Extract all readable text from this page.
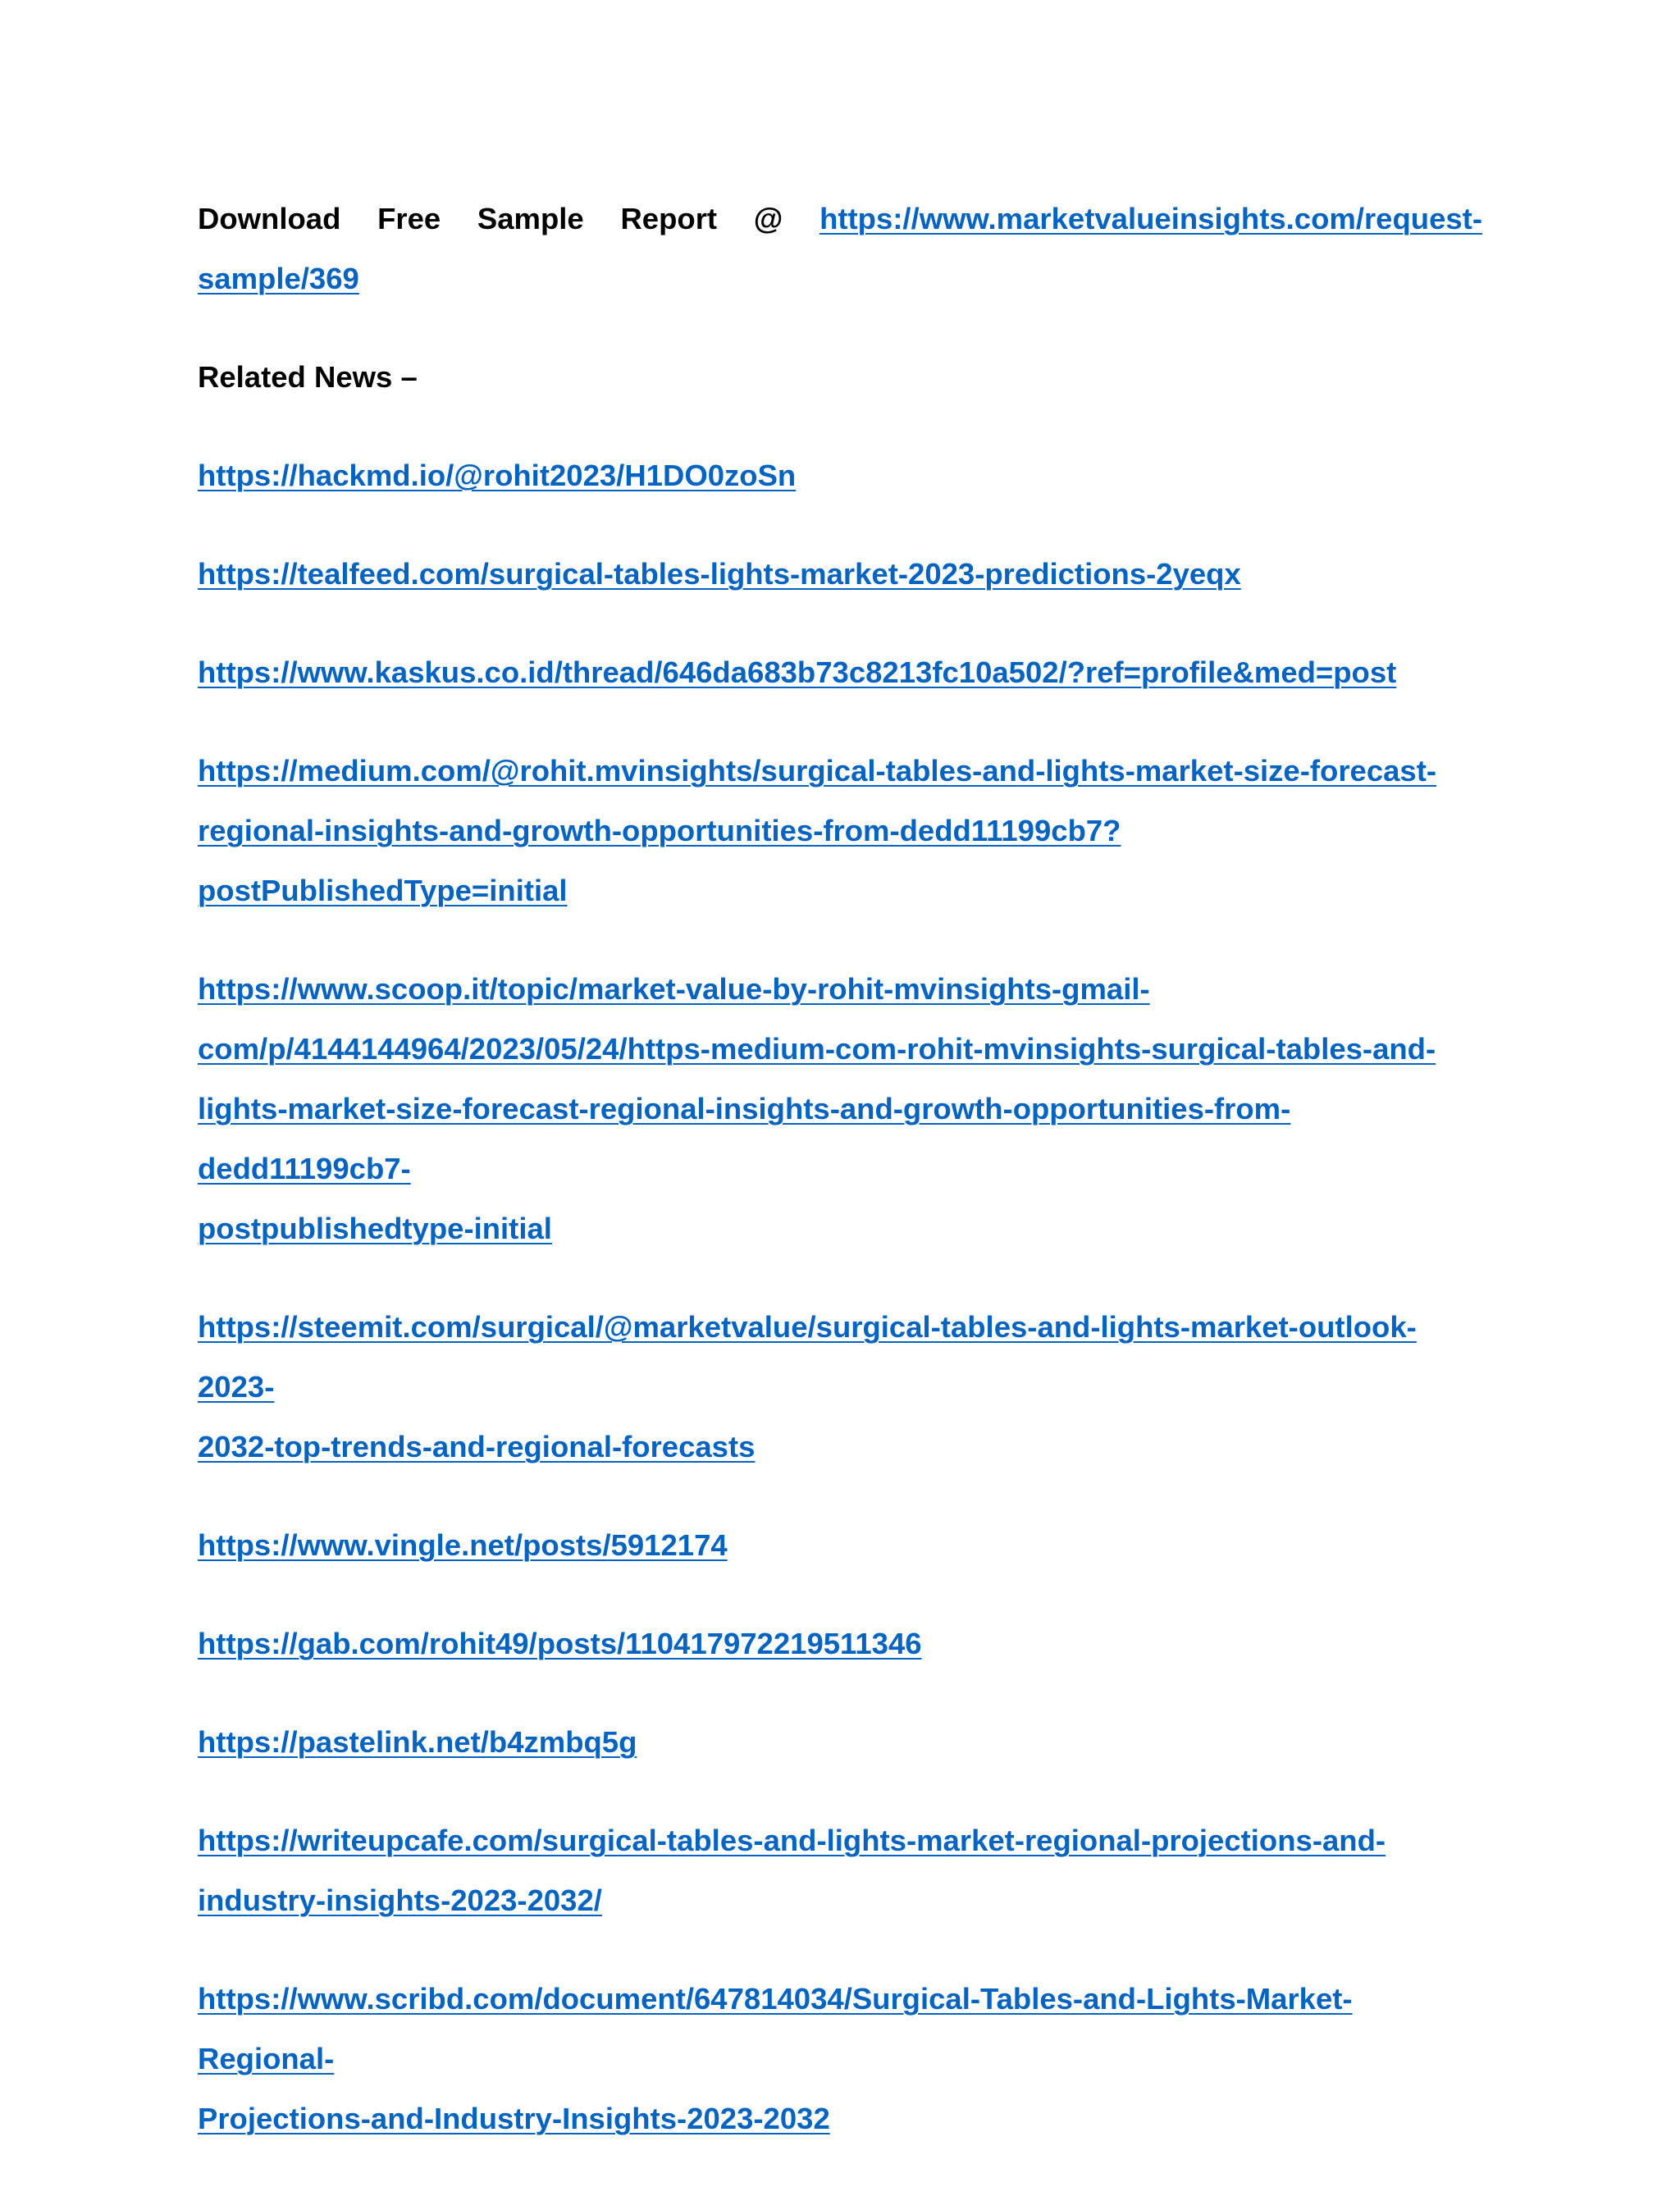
Download Free Sample Report @ https://www.marketvalueinsights.com/request-sample/369

Related News –

https://hackmd.io/@rohit2023/H1DO0zoSn

https://tealfeed.com/surgical-tables-lights-market-2023-predictions-2yeqx

https://www.kaskus.co.id/thread/646da683b73c8213fc10a502/?ref=profile&med=post

https://medium.com/@rohit.mvinsights/surgical-tables-and-lights-market-size-forecast-
regional-insights-and-growth-opportunities-from-dedd11199cb7?postPublishedType=initial

https://www.scoop.it/topic/market-value-by-rohit-mvinsights-gmail-
com/p/4144144964/2023/05/24/https-medium-com-rohit-mvinsights-surgical-tables-and-
lights-market-size-forecast-regional-insights-and-growth-opportunities-from-dedd11199cb7-
postpublishedtype-initial

https://steemit.com/surgical/@marketvalue/surgical-tables-and-lights-market-outlook-2023-
2032-top-trends-and-regional-forecasts

https://www.vingle.net/posts/5912174

https://gab.com/rohit49/posts/110417972219511346

https://pastelink.net/b4zmbq5g

https://writeupcafe.com/surgical-tables-and-lights-market-regional-projections-and-
industry-insights-2023-2032/

https://www.scribd.com/document/647814034/Surgical-Tables-and-Lights-Market-Regional-
Projections-and-Industry-Insights-2023-2032
